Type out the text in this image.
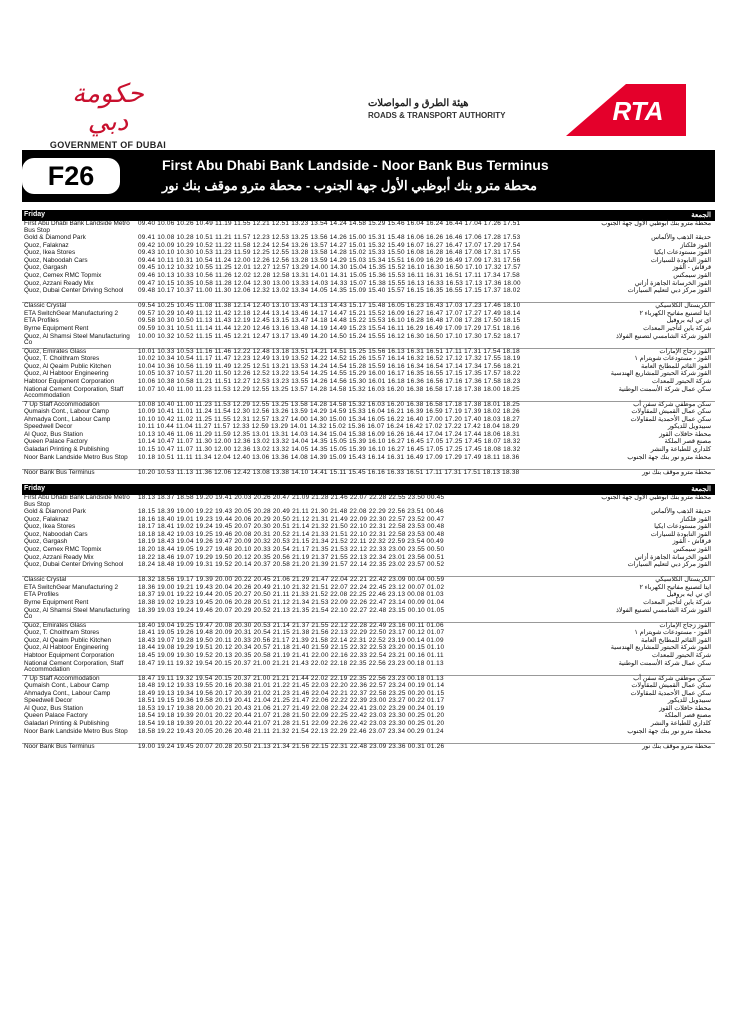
حكومة دبي
GOVERNMENT OF DUBAI
هيئة الطرق و المواصلات
ROADS & TRANSPORT AUTHORITY	RTA
F26	First Abu Dhabi Bank Landside - Noor Bank Bus Terminus
محطة مترو بنك أبوظبي الأول جهة الجنوب - محطة مترو موقف بنك نور
Friday	الجمعة
First Abu Dhabi Bank Landside Metro Bus Stop
09.40 10.06 10.26 10.49 11.19 11.55 12.21 12.51 13.23 13.54 14.24 14.58 15.29 15.46 16.04 16.24 16.44 17.04 17.26 17.51	محطة مترو بنك أبوظبي الأول جهة الجنوب
Gold & Diamond Park	09.41 10.08 10.28 10.51 11.21 11.57 12.23 12.53 13.25 13.56 14.26 15.00 15.31 15.48 16.06 16.26 16.46 17.06 17.28 17.53	حديقة الذهب والألماس
Quoz, Falaknaz	09.42 10.09 10.29 10.52 11.22 11.58 12.24 12.54 13.26 13.57 14.27 15.01 15.32 15.49 16.07 16.27 16.47 17.07 17.29 17.54	القوز فلكناز
Quoz, Ikea Stores	09.43 10.10 10.30 10.53 11.23 11.59 12.25 12.55 13.28 13.58 14.28 15.02 15.33 15.50 16.08 16.28 16.48 17.08 17.31 17.55	القوز مستودعات ايكيا
Quoz, Naboodah Cars	09.44 10.11 10.31 10.54 11.24 12.00 12.26 12.56 13.28 13.59 14.29 15.03 15.34 15.51 16.09 16.29 16.49 17.09 17.31 17.56	القوز النابودة للسيارات
Quoz, Gargash	09.45 10.12 10.32 10.55 11.25 12.01 12.27 12.57 13.29 14.00 14.30 15.04 15.35 15.52 16.10 16.30 16.50 17.10 17.32 17.57	قرقاش - القوز
Quoz, Cemex RMC Topmix	09.46 10.13 10.33 10.56 11.26 12.02 12.28 12.58 13.31 14.01 14.31 15.05 15.36 15.53 16.11 16.31 16.51 17.11 17.34 17.58	القوز سيمكس
Quoz, Azzani Ready Mix	09.47 10.15 10.35 10.58 11.28 12.04 12.30 13.00 13.33 14.03 14.33 15.07 15.38 15.55 16.13 16.33 16.53 17.13 17.36 18.00	القوز الخرسانة الجاهزة أزاني
Quoz, Dubai Center Driving School	09.48 10.17 10.37 11.00 11.30 12.06 12.32 13.02 13.34 14.05 14.35 15.09 15.40 15.57 16.15 16.35 16.55 17.15 17.37 18.02	القوز مركز دبي لتعليم السيارات
Classic Crystal	09.54 10.25 10.45 11.08 11.38 12.14 12.40 13.10 13.43 14.13 14.43 15.17 15.48 16.05 16.23 16.43 17.03 17.23 17.46 18.10	الكريستال الكلاسيكي
ETA SwitchGear Manufacturing 2	09.57 10.29 10.49 11.12 11.42 12.18 12.44 13.14 13.46 14.17 14.47 15.21 15.52 16.09 16.27 16.47 17.07 17.27 17.49 18.14	ايتا لتصنيع مفاتيح الكهرباء ٢
ETA Profiles	09.58 10.30 10.50 11.13 11.43 12.19 12.45 13.15 13.47 14.18 14.48 15.22 15.53 16.10 16.28 16.48 17.08 17.28 17.50 18.15	اي تي ايه بروفيل
Byrne Equipment Rent	09.59 10.31 10.51 11.14 11.44 12.20 12.46 13.16 13.48 14.19 14.49 15.23 15.54 16.11 16.29 16.49 17.09 17.29 17.51 18.16	شركة باين لتأجير المعدات
Quoz, Al Shamsi Steel Manufacturing Co
10.00 10.32 10.52 11.15 11.45 12.21 12.47 13.17 13.49 14.20 14.50 15.24 15.55 16.12 16.30 16.50 17.10 17.30 17.52 18.17	القوز شركة الشامسي لتصنيع الفولاذ
Quoz, Emirates Glass	10.01 10.33 10.53 11.16 11.46 12.22 12.48 13.18 13.51 14.21 14.51 15.25 15.56 16.13 16.31 16.51 17.11 17.31 17.54 18.18	القوز زجاج الإمارات
Quoz, T. Choithram Stores	10.02 10.34 10.54 11.17 11.47 12.23 12.49 13.19 13.52 14.22 14.52 15.26 15.57 16.14 16.32 16.52 17.12 17.32 17.55 18.19	القوز - مستودعات شويترام ١
Quoz, Al Qeaim Public Kitchen	10.04 10.36 10.56 11.19 11.49 12.25 12.51 13.21 13.53 14.24 14.54 15.28 15.59 16.16 16.34 16.54 17.14 17.34 17.56 18.21	القوز القائم للمطابخ العامة
Quoz, Al Habtoor Engineering	10.05 10.37 10.57 11.20 11.50 12.26 12.52 13.22 13.54 14.25 14.55 15.29 16.00 16.17 16.35 16.55 17.15 17.35 17.57 18.22	القوز شركة الحبتور للمشاريع الهندسية
Habtoor Equipment Corporation	10.06 10.38 10.58 11.21 11.51 12.27 12.53 13.23 13.55 14.26 14.56 15.30 16.01 16.18 16.36 16.56 17.16 17.36 17.58 18.23	شركة الحبتور للمعدات
National Cement Corporation, Staff Accommodation
10.07 10.40 11.00 11.23 11.53 12.29 12.55 13.25 13.57 14.28 14.58 15.32 16.03 16.20 16.38 16.58 17.18 17.38 18.00 18.25	سكن عمال شركة الأسمنت الوطنية
7 Up Staff Accommodation	10.08 10.40 11.00 11.23 11.53 12.29 12.55 13.25 13.58 14.28 14.58 15.32 16.03 16.20 16.38 16.58 17.18 17.38 18.01 18.25	سكن موظفي شركة سفن أب
Qumaish Cont., Labour Camp	10.09 10.41 11.01 11.24 11.54 12.30 12.56 13.26 13.59 14.29 14.59 15.33 16.04 16.21 16.39 16.59 17.19 17.39 18.02 18.26	سكن عمال القميش للمقاولات
Ahmadya Cont., Labour Camp	10.10 10.42 11.02 11.25 11.55 12.31 12.57 13.27 14.00 14.30 15.00 15.34 16.05 16.22 16.40 17.00 17.20 17.40 18.03 18.27	سكن عمال الأحمدية للمقاولات
Speedwell Decor	10.11 10.44 11.04 11.27 11.57 12.33 12.59 13.29 14.01 14.32 15.02 15.36 16.07 16.24 16.42 17.02 17.22 17.42 18.04 18.29	سبيدويل للديكور
Al Quoz, Bus Station	10.13 10.46 11.06 11.29 11.59 12.35 13.01 13.31 14.03 14.34 15.04 15.38 16.09 16.26 16.44 17.04 17.24 17.44 18.06 18.31	محطة حافلات القوز
Queen Palace Factory	10.14 10.47 11.07 11.30 12.00 12.36 13.02 13.32 14.04 14.35 15.05 15.39 16.10 16.27 16.45 17.05 17.25 17.45 18.07 18.32	مصنع قصر الملكة
Galadari Printing & Publishing	10.15 10.47 11.07 11.30 12.00 12.36 13.02 13.32 14.05 14.35 15.05 15.39 16.10 16.27 16.45 17.05 17.25 17.45 18.08 18.32	كلداري للطباعة والنشر
Noor Bank Landside Metro Bus Stop	10.18 10.51 11.11 11.34 12.04 12.40 13.06 13.36 14.08 14.39 15.09 15.43 16.14 16.31 16.49 17.09 17.29 17.49 18.11 18.36	محطة مترو نور بنك جهة الجنوب
Noor Bank Bus Terminus	10.20 10.53 11.13 11.36 12.06 12.42 13.08 13.38 14.10 14.41 15.11 15.45 16.16 16.33 16.51 17.11 17.31 17.51 18.13 18.38	محطة مترو موقف بنك نور
Friday	الجمعة
First Abu Dhabi Bank Landside Metro Bus Stop
18.13 18.37 18.58 19.20 19.41 20.03 20.26 20.47 21.09 21.28 21.46 22.07 22.28 22.55 23.50 00.45	محطة مترو بنك أبوظبي الأول جهة الجنوب
Gold & Diamond Park	18.15 18.39 19.00 19.22 19.43 20.05 20.28 20.49 21.11 21.30 21.48 22.08 22.29 22.56 23.51 00.46	حديقة الذهب والألماس
Quoz, Falaknaz	18.16 18.40 19.01 19.23 19.44 20.06 20.29 20.50 21.12 21.31 21.49 22.09 22.30 22.57 23.52 00.47	القوز فلكناز
Quoz, Ikea Stores	18.17 18.41 19.02 19.24 19.45 20.07 20.30 20.51 21.14 21.32 21.50 22.10 22.31 22.58 23.53 00.48	القوز مستودعات ايكيا
Quoz, Naboodah Cars	18.18 18.42 19.03 19.25 19.46 20.08 20.31 20.52 21.14 21.33 21.51 22.10 22.31 22.58 23.53 00.48	القوز النابودة للسيارات
Quoz, Gargash	18.19 18.43 19.04 19.26 19.47 20.09 20.32 20.53 21.15 21.34 21.52 22.11 22.32 22.59 23.54 00.49	قرقاش - القوز
Quoz, Cemex RMC Topmix	18.20 18.44 19.05 19.27 19.48 20.10 20.33 20.54 21.17 21.35 21.53 22.12 22.33 23.00 23.55 00.50	القوز سيمكس
Quoz, Azzani Ready Mix	18.22 18.46 19.07 19.29 19.50 20.12 20.35 20.56 21.19 21.37 21.55 22.13 22.34 23.01 23.56 00.51	القوز الخرسانة الجاهزة أزاني
Quoz, Dubai Center Driving School	18.24 18.48 19.09 19.31 19.52 20.14 20.37 20.58 21.20 21.39 21.57 22.14 22.35 23.02 23.57 00.52	القوز مركز دبي لتعليم السيارات
Classic Crystal	18.32 18.56 19.17 19.39 20.00 20.22 20.45 21.06 21.29 21.47 22.04 22.21 22.42 23.09 00.04 00.59	الكريستال الكلاسيكي
ETA SwitchGear Manufacturing 2	18.36 19.00 19.21 19.43 20.04 20.26 20.49 21.10 21.32 21.51 22.07 22.24 22.45 23.12 00.07 01.02	ايتا لتصنيع مفاتيح الكهرباء ٢
ETA Profiles	18.37 19.01 19.22 19.44 20.05 20.27 20.50 21.11 21.33 21.52 22.08 22.25 22.46 23.13 00.08 01.03	اي تي ايه بروفيل
Byrne Equipment Rent	18.38 19.02 19.23 19.45 20.06 20.28 20.51 21.12 21.34 21.53 22.09 22.26 22.47 23.14 00.09 01.04	شركة باين لتأجير المعدات
Quoz, Al Shamsi Steel Manufacturing Co
18.39 19.03 19.24 19.46 20.07 20.29 20.52 21.13 21.35 21.54 22.10 22.27 22.48 23.15 00.10 01.05	القوز شركة الشامسي لتصنيع الفولاذ
Quoz, Emirates Glass	18.40 19.04 19.25 19.47 20.08 20.30 20.53 21.14 21.37 21.55 22.12 22.28 22.49 23.16 00.11 01.06	القوز زجاج الإمارات
Quoz, T. Choithram Stores	18.41 19.05 19.26 19.48 20.09 20.31 20.54 21.15 21.38 21.56 22.13 22.29 22.50 23.17 00.12 01.07	القوز - مستودعات شويترام ١
Quoz, Al Qeaim Public Kitchen	18.43 19.07 19.28 19.50 20.11 20.33 20.56 21.17 21.39 21.58 22.14 22.31 22.52 23.19 00.14 01.09	القوز القائم للمطابخ العامة
Quoz, Al Habtoor Engineering	18.44 19.08 19.29 19.51 20.12 20.34 20.57 21.18 21.40 21.59 22.15 22.32 22.53 23.20 00.15 01.10	القوز شركة الحبتور للمشاريع الهندسية
Habtoor Equipment Corporation	18.45 19.09 19.30 19.52 20.13 20.35 20.58 21.19 21.41 22.00 22.16 22.33 22.54 23.21 00.16 01.11	شركة الحبتور للمعدات
National Cement Corporation, Staff Accommodation
18.47 19.11 19.32 19.54 20.15 20.37 21.00 21.21 21.43 22.02 22.18 22.35 22.56 23.23 00.18 01.13	سكن عمال شركة الأسمنت الوطنية
7 Up Staff Accommodation	18.47 19.11 19.32 19.54 20.15 20.37 21.00 21.21 21.44 22.02 22.19 22.35 22.56 23.23 00.18 01.13	سكن موظفي شركة سفن أب
Qumaish Cont., Labour Camp	18.48 19.12 19.33 19.55 20.16 20.38 21.01 21.22 21.45 22.03 22.20 22.36 22.57 23.24 00.19 01.14	سكن عمال القميش للمقاولات
Ahmadya Cont., Labour Camp	18.49 19.13 19.34 19.56 20.17 20.39 21.02 21.23 21.46 22.04 22.21 22.37 22.58 23.25 00.20 01.15	سكن عمال الأحمدية للمقاولات
Speedwell Decor	18.51 19.15 19.36 19.58 20.19 20.41 21.04 21.25 21.47 22.06 22.22 22.39 23.00 23.27 00.22 01.17	سبيدويل للديكور
Al Quoz, Bus Station	18.53 19.17 19.38 20.00 20.21 20.43 21.06 21.27 21.49 22.08 22.24 22.41 23.02 23.29 00.24 01.19	محطة حافلات القوز
Queen Palace Factory	18.54 19.18 19.39 20.01 20.22 20.44 21.07 21.28 21.50 22.09 22.25 22.42 23.03 23.30 00.25 01.20	مصنع قصر الملكة
Galadari Printing & Publishing	18.54 19.18 19.39 20.01 20.22 20.44 21.07 21.28 21.51 22.09 22.26 22.42 23.03 23.30 00.25 01.20	كلداري للطباعة والنشر
Noor Bank Landside Metro Bus Stop	18.58 19.22 19.43 20.05 20.26 20.48 21.11 21.32 21.54 22.13 22.29 22.46 23.07 23.34 00.29 01.24	محطة مترو نور بنك جهة الجنوب
Noor Bank Bus Terminus	19.00 19.24 19.45 20.07 20.28 20.50 21.13 21.34 21.56 22.15 22.31 22.48 23.09 23.36 00.31 01.26	محطة مترو موقف بنك نور
